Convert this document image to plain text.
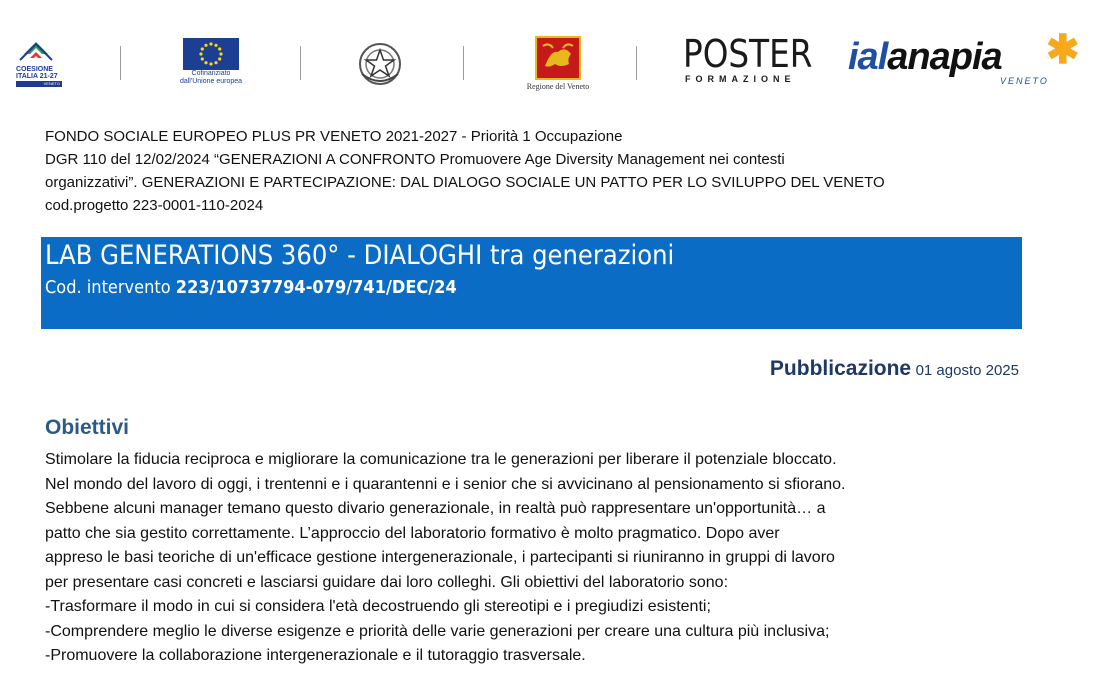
COESIONE
ITALIA 21-27
VENETO
Cofinanziato
dall'Unione europea
Regione del Veneto
POSTER
FORMAZIONE
ialanapia
VENETO
✱
FONDO SOCIALE EUROPEO PLUS PR VENETO 2021-2027 - Priorità 1 Occupazione
DGR 110 del 12/02/2024 “GENERAZIONI A CONFRONTO Promuovere Age Diversity Management nei contesti
organizzativi”. GENERAZIONI E PARTECIPAZIONE: DAL DIALOGO SOCIALE UN PATTO PER LO SVILUPPO DEL VENETO
cod.progetto 223-0001-110-2024
LAB GENERATIONS 360° - DIALOGHI tra generazioni
Cod. intervento 223/10737794-079/741/DEC/24
Pubblicazione 01 agosto 2025
Obiettivi
Stimolare la fiducia reciproca e migliorare la comunicazione tra le generazioni per liberare il potenziale bloccato.
Nel mondo del lavoro di oggi, i trentenni e i quarantenni e i senior che si avvicinano al pensionamento si sfiorano.
Sebbene alcuni manager temano questo divario generazionale, in realtà può rappresentare un'opportunità… a
patto che sia gestito correttamente. L’approccio del laboratorio formativo è molto pragmatico. Dopo aver
appreso le basi teoriche di un'efficace gestione intergenerazionale, i partecipanti si riuniranno in gruppi di lavoro
per presentare casi concreti e lasciarsi guidare dai loro colleghi. Gli obiettivi del laboratorio sono:
-Trasformare il modo in cui si considera l'età decostruendo gli stereotipi e i pregiudizi esistenti;
-Comprendere meglio le diverse esigenze e priorità delle varie generazioni per creare una cultura più inclusiva;
-Promuovere la collaborazione intergenerazionale e il tutoraggio trasversale.
